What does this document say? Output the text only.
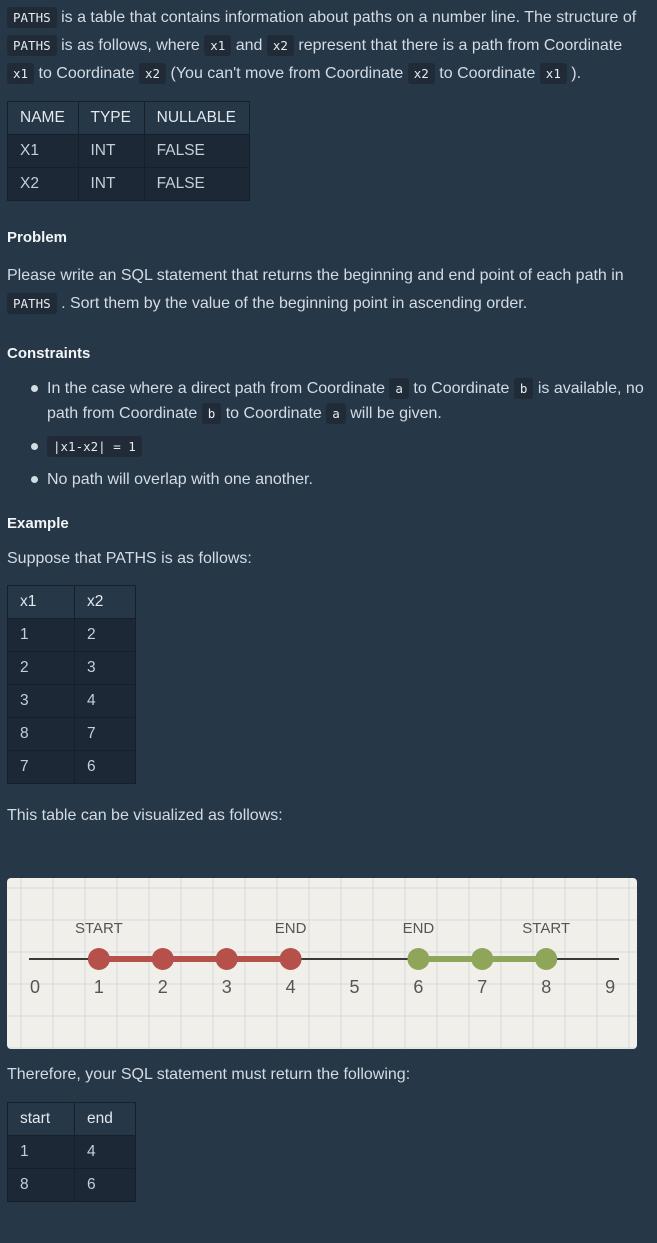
PATHS is a table that contains information about paths on a number line. The structure of PATHS is as follows, where x1 and x2 represent that there is a path from Coordinate x1 to Coordinate x2 (You can't move from Coordinate x2 to Coordinate x1 ).

NAME	TYPE	NULLABLE
X1	INT	FALSE
X2	INT	FALSE

Problem

Please write an SQL statement that returns the beginning and end point of each path in PATHS . Sort them by the value of the beginning point in ascending order.

Constraints

In the case where a direct path from Coordinate a to Coordinate b is available, no path from Coordinate b to Coordinate a will be given.
|x1-x2| = 1
No path will overlap with one another.

Example

Suppose that PATHS is as follows:

x1	x2
1	2
2	3
3	4
8	7
7	6

This table can be visualized as follows:

START	END	START
END
0	1	2	3	4	5	6	7	8	9

Therefore, your SQL statement must return the following:

start	end
1	4
8	6
